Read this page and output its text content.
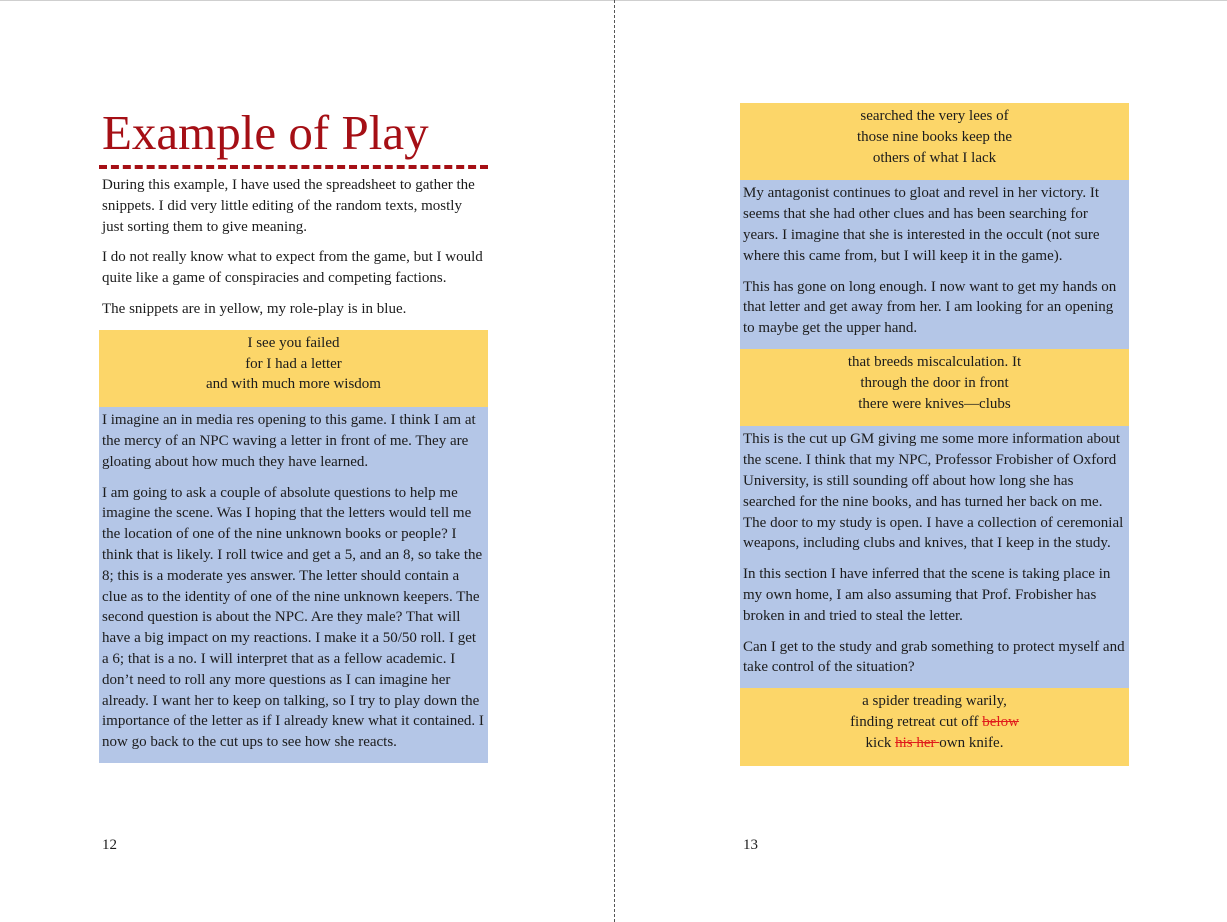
Example of Play

During this example, I have used the spreadsheet to gather the snippets. I did very little editing of the random texts, mostly just sorting them to give meaning.

I do not really know what to expect from the game, but I would quite like a game of conspiracies and competing factions.

The snippets are in yellow, my role-play is in blue.

I see you failed
for I had a letter
and with much more wisdom

I imagine an in media res opening to this game. I think I am at the mercy of an NPC waving a letter in front of me. They are gloating about how much they have learned.

I am going to ask a couple of absolute questions to help me imagine the scene. Was I hoping that the letters would tell me the location of one of the nine unknown books or people? I think that is likely. I roll twice and get a 5, and an 8, so take the 8; this is a moderate yes answer. The letter should contain a clue as to the identity of one of the nine unknown keepers. The second question is about the NPC. Are they male? That will have a big impact on my reactions. I make it a 50/50 roll. I get a 6; that is a no. I will interpret that as a fellow academic. I don’t need to roll any more questions as I can imagine her already. I want her to keep on talking, so I try to play down the importance of the letter as if I already knew what it contained. I now go back to the cut ups to see how she reacts.

12
searched the very lees of
those nine books keep the
others of what I lack

My antagonist continues to gloat and revel in her victory. It seems that she had other clues and has been searching for years. I imagine that she is interested in the occult (not sure where this came from, but I will keep it in the game).

This has gone on long enough. I now want to get my hands on that letter and get away from her. I am looking for an opening to maybe get the upper hand.

that breeds miscalculation. It
through the door in front
there were knives—clubs

This is the cut up GM giving me some more information about the scene. I think that my NPC, Professor Frobisher of Oxford University, is still sounding off about how long she has searched for the nine books, and has turned her back on me. The door to my study is open. I have a collection of ceremonial weapons, including clubs and knives, that I keep in the study.

In this section I have inferred that the scene is taking place in my own home, I am also assuming that Prof. Frobisher has broken in and tried to steal the letter.

Can I get to the study and grab something to protect myself and take control of the situation?

a spider treading warily,
finding retreat cut off below
kick his her own knife.
13
